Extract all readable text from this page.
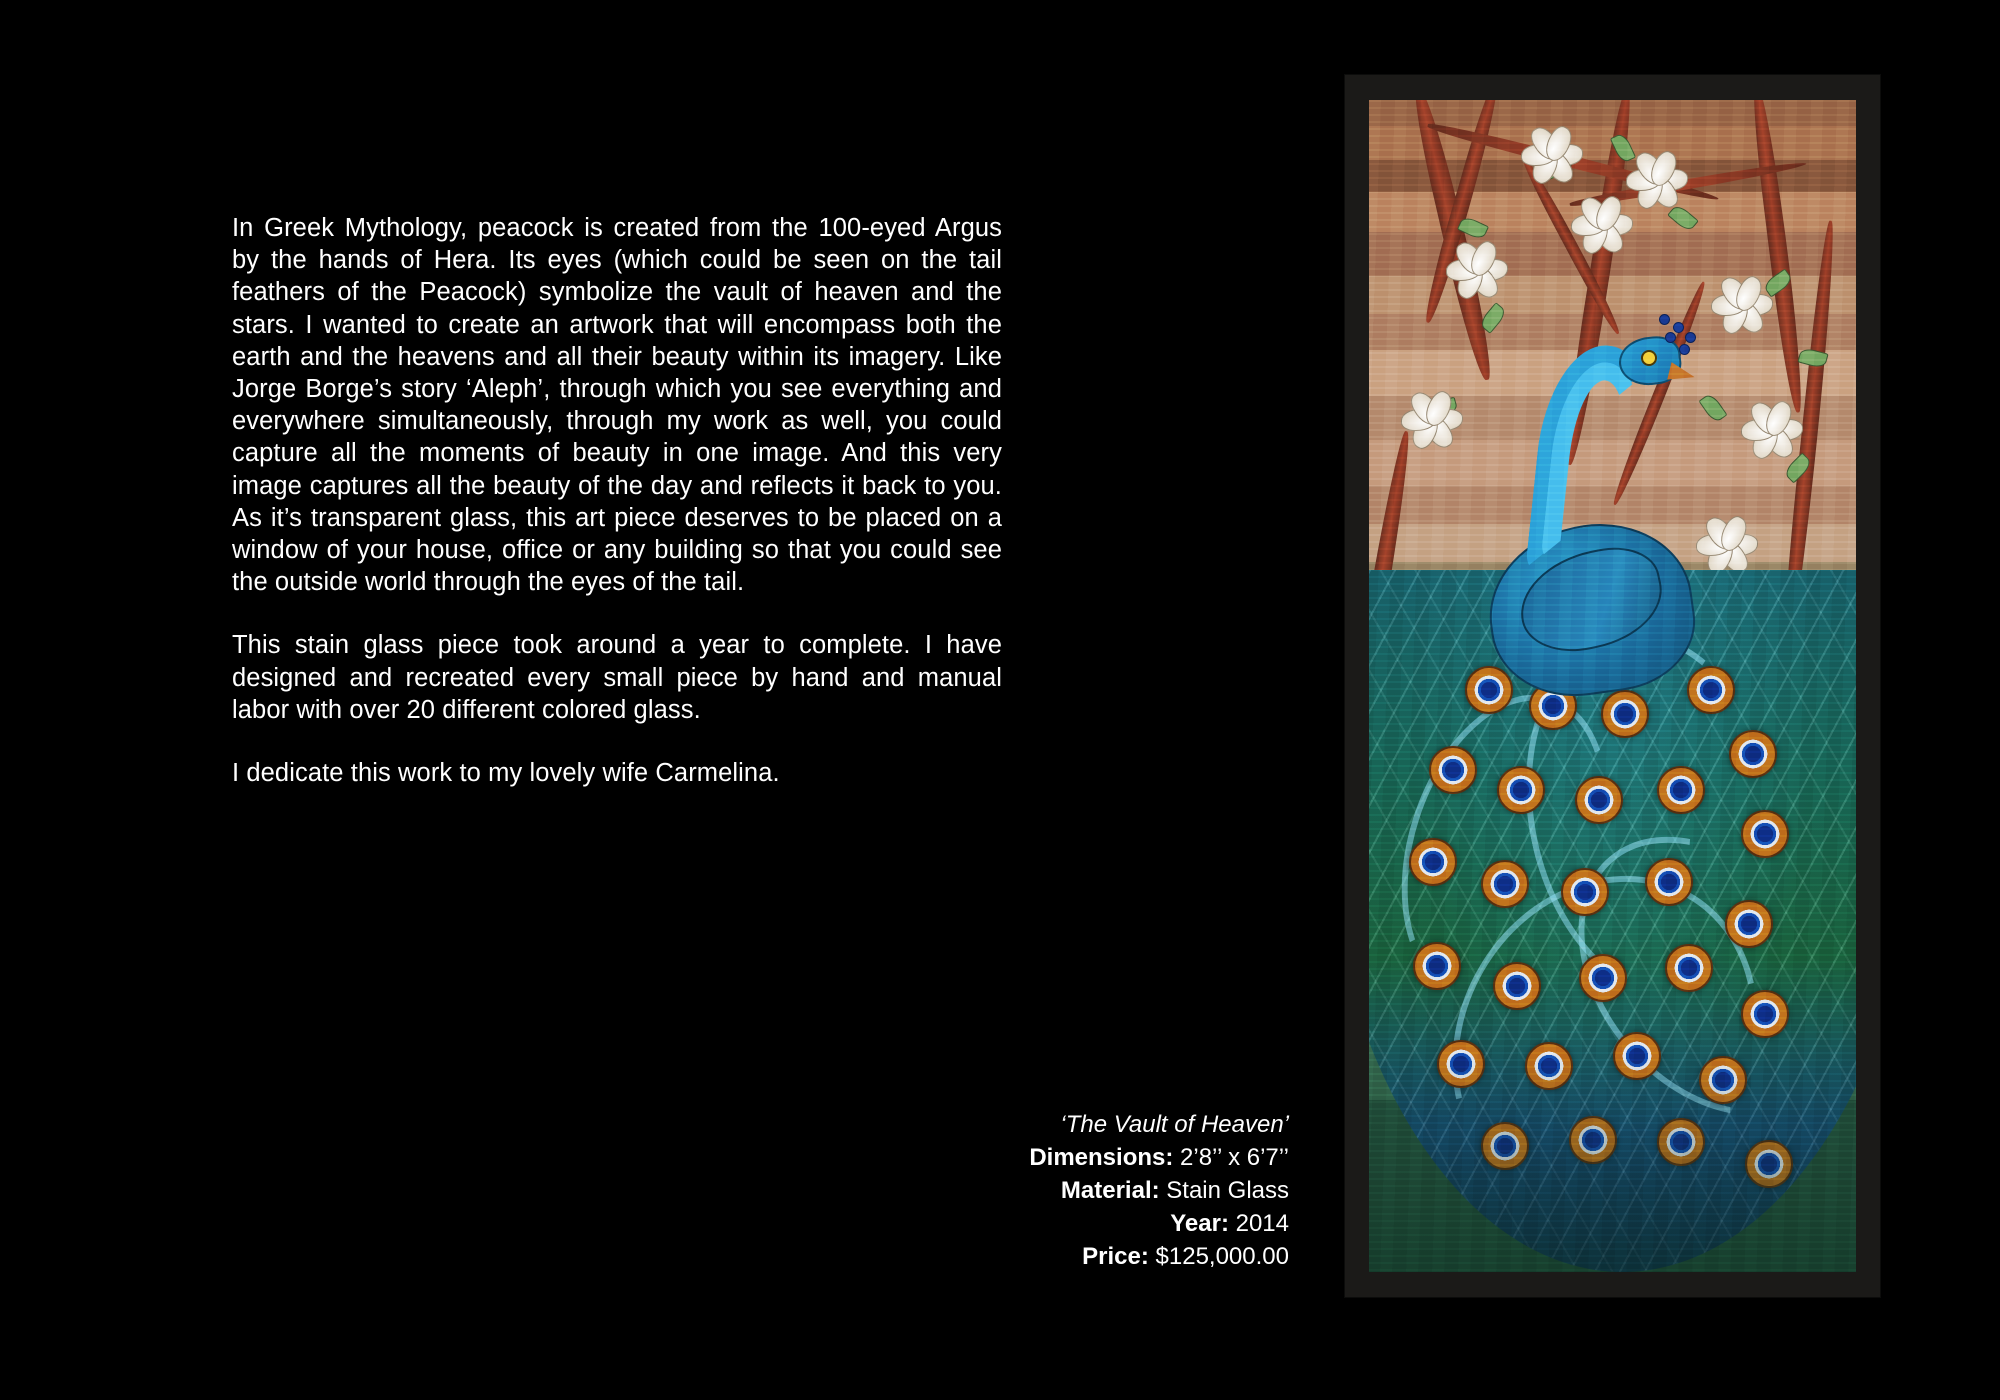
In Greek Mythology, peacock is created from the 100-eyed Argus by the hands of Hera. Its eyes (which could be seen on the tail feathers of the Peacock) symbolize the vault of heaven and the stars. I wanted to create an artwork that will encompass both the earth and the heavens and all their beauty within its imagery. Like Jorge Borge’s story ‘Aleph’, through which you see everything and everywhere simultaneously, through my work as well, you could capture all the moments of beauty in one image. And this very image captures all the beauty of the day and reflects it back to you. As it’s transparent glass, this art piece deserves to be placed on a window of your house, office or any building so that you could see the outside world through the eyes of the tail.

This stain glass piece took around a year to complete. I have designed and recreated every small piece by hand and manual labor with over 20 different colored glass.

I dedicate this work to my lovely wife Carmelina.

‘The Vault of Heaven’
Dimensions: 2’8’’ x 6’7’’
Material: Stain Glass
Year: 2014
Price: $125,000.00
